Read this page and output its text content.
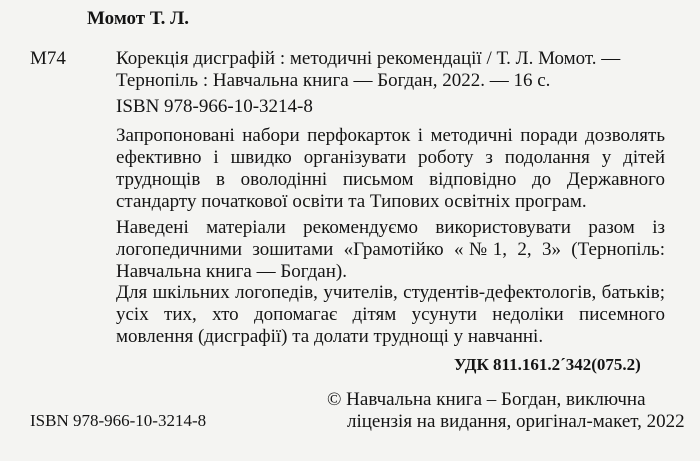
Момот Т. Л.
М74	Корекція дисграфій : методичні рекомендації / Т. Л. Момот. —
Тернопіль : Навчальна книга — Богдан, 2022. — 16 с.
ISBN 978-966-10-3214-8
Запропоновані набори перфокарток і методичні поради дозволять ефективно і швидко організувати роботу з подолання у дітей труднощів в оволодінні письмом відповідно до Державного стандарту початкової освіти та Типових освітніх програм.
Наведені матеріали рекомендуємо використовувати разом із логопедичними зошитами «Грамотійко «№1, 2, 3» (Тернопіль: Навчальна книга — Богдан).
Для шкільних логопедів, учителів, студентів-дефектологів, батьків; усіх тих, хто допомагає дітям усунути недоліки писемного мовлення (дисграфії) та долати труднощі у навчанні.
УДК 811.161.2ˊ342(075.2)
ISBN 978-966-10-3214-8
© Навчальна книга – Богдан, виключна
ліцензія на видання, оригінал-макет, 2022
